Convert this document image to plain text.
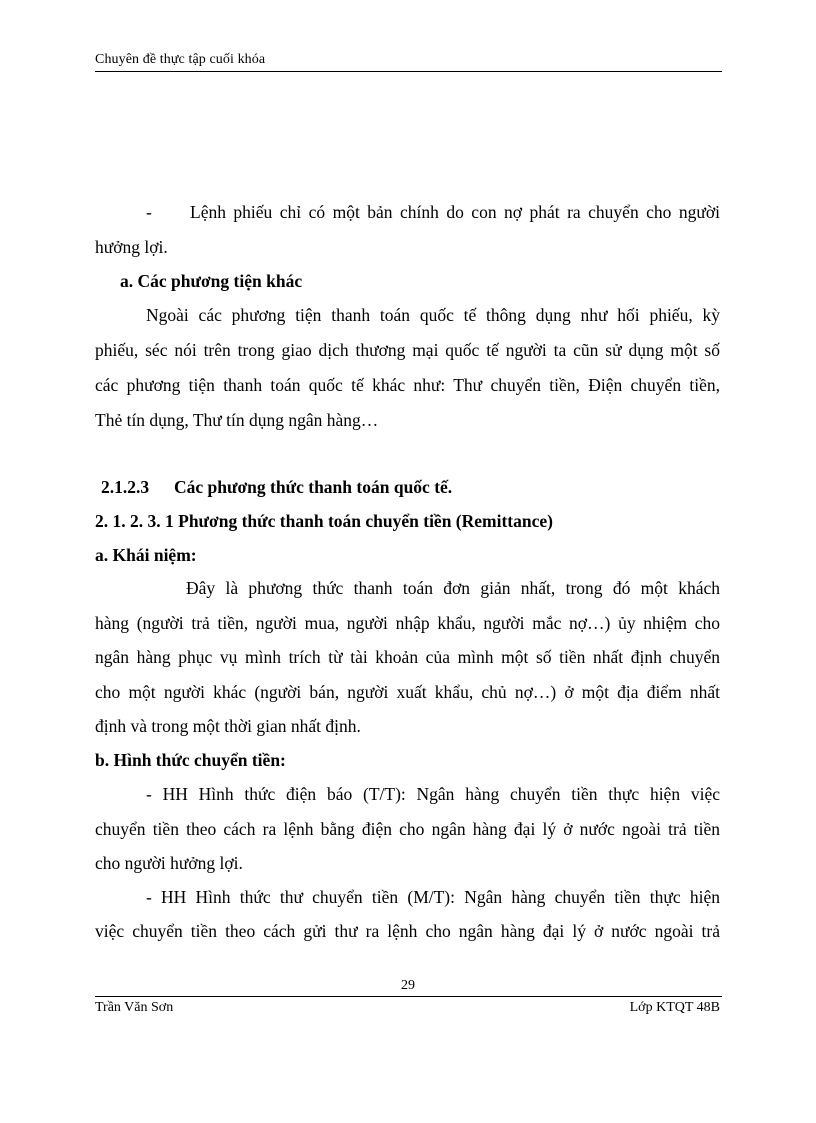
Chuyên đề thực tập cuối khóa
- Lệnh phiếu chỉ có một bản chính do con nợ phát ra chuyển cho người
hưởng lợi.
a. Các phương tiện khác
Ngoài các phương tiện thanh toán quốc tế thông dụng như hối phiếu, kỳ
phiếu, séc nói trên trong giao dịch thương mại quốc tế người ta cũn sử dụng một số
các phương tiện thanh toán quốc tế khác như: Thư chuyển tiền, Điện chuyển tiền,
Thẻ tín dụng, Thư tín dụng ngân hàng…
2.1.2.3 Các phương thức thanh toán quốc tế.
2. 1. 2. 3. 1 Phương thức thanh toán chuyển tiền (Remittance)
a. Khái niệm:
Đây là phương thức thanh toán đơn giản nhất, trong đó một khách
hàng (người trả tiền, người mua, người nhập khẩu, người mắc nợ…) ủy nhiệm cho
ngân hàng phục vụ mình trích từ tài khoản của mình một số tiền nhất định chuyển
cho một người khác (người bán, người xuất khẩu, chủ nợ…) ở một địa điểm nhất
định và trong một thời gian nhất định.
b. Hình thức chuyển tiền:
- HH Hình thức điện báo (T/T): Ngân hàng chuyển tiền thực hiện việc
chuyển tiền theo cách ra lệnh bằng điện cho ngân hàng đại lý ở nước ngoài trả tiền
cho người hưởng lợi.
- HH Hình thức thư chuyển tiền (M/T): Ngân hàng chuyển tiền thực hiện
việc chuyển tiền theo cách gửi thư ra lệnh cho ngân hàng đại lý ở nước ngoài trả
29
Trần Văn Sơn	Lớp KTQT 48B
